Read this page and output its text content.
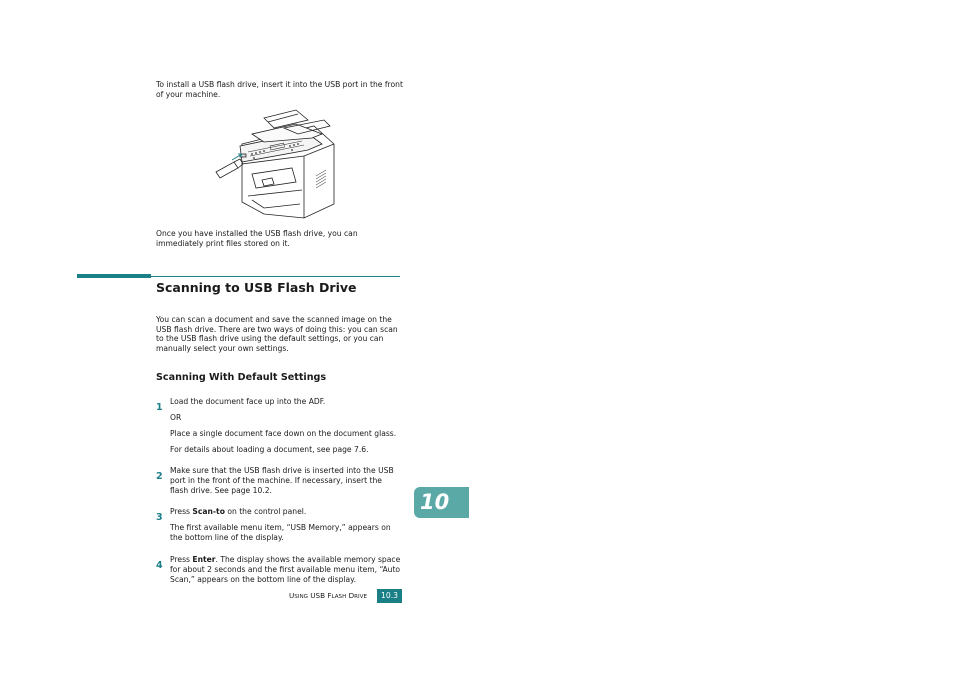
To install a USB flash drive, insert it into the USB port in the front of your machine.

Once you have installed the USB flash drive, you can immediately print files stored on it.

Scanning to USB Flash Drive

You can scan a document and save the scanned image on the USB flash drive. There are two ways of doing this: you can scan to the USB flash drive using the default settings, or you can manually select your own settings.

Scanning With Default Settings
1
Load the document face up into the ADF.
OR
Place a single document face down on the document glass.
For details about loading a document, see page 7.6.
2
Make sure that the USB flash drive is inserted into the USB port in the front of the machine. If necessary, insert the flash drive. See page 10.2.
3
Press Scan-to on the control panel.
The first available menu item, “USB Memory,” appears on the bottom line of the display.
4
Press Enter. The display shows the available memory space for about 2 seconds and the first available menu item, “Auto Scan,” appears on the bottom line of the display.
10
USING USB FLASH DRIVE	10.3
